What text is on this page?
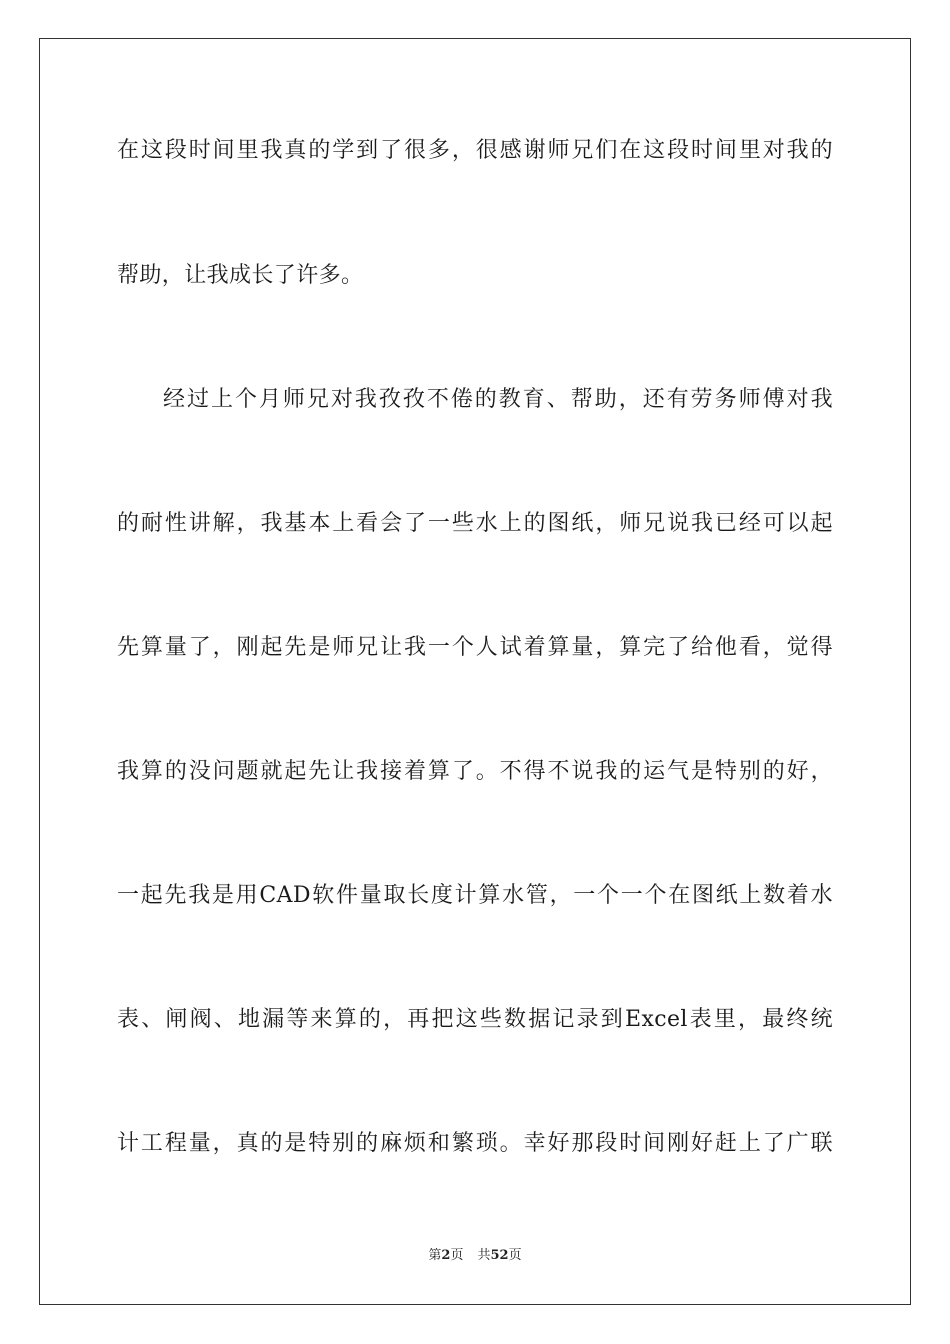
在这段时间里我真的学到了很多，很感谢师兄们在这段时间里对我的
帮助，让我成长了许多。
经过上个月师兄对我孜孜不倦的教育、帮助，还有劳务师傅对我
的耐性讲解，我基本上看会了一些水上的图纸，师兄说我已经可以起
先算量了，刚起先是师兄让我一个人试着算量，算完了给他看，觉得
我算的没问题就起先让我接着算了。不得不说我的运气是特别的好，
一起先我是用CAD软件量取长度计算水管，一个一个在图纸上数着水
表、闸阀、地漏等来算的，再把这些数据记录到Excel表里，最终统
计工程量，真的是特别的麻烦和繁琐。幸好那段时间刚好赶上了广联
第2页 共52页
